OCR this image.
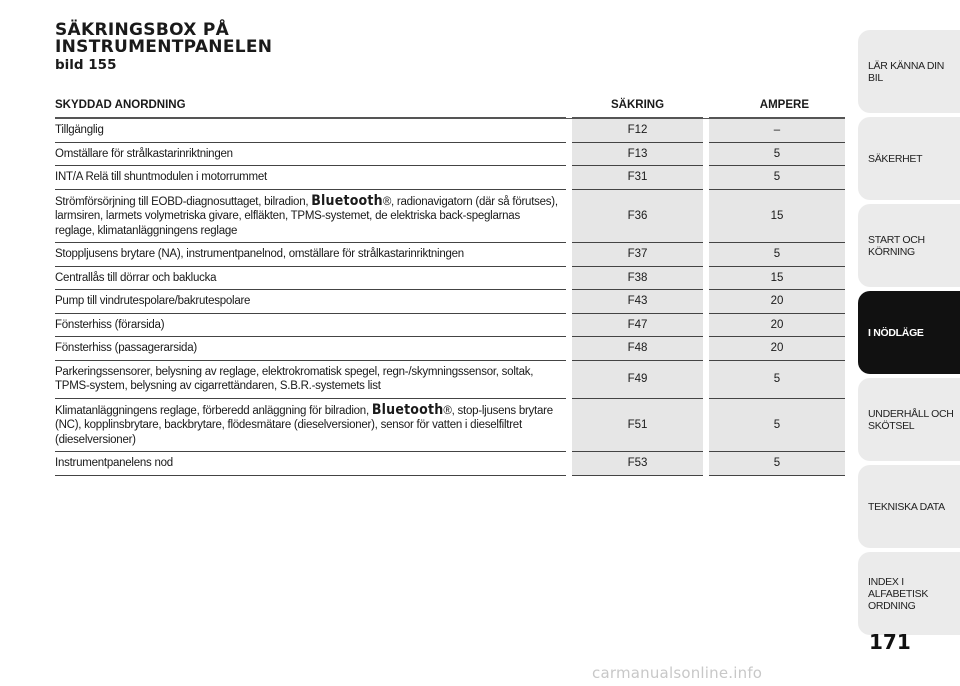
SÄKRINGSBOX PÅ
INSTRUMENTPANELEN
bild 155
SKYDDAD ANORDNING		SÄKRING		AMPERE
Tillgänglig		F12		–
Omställare för strålkastarinriktningen		F13		5
INT/A Relä till shuntmodulen i motorrummet		F31		5
Strömförsörjning till EOBD-diagnosuttaget, bilradion, Bluetooth®, radionavigatorn (där så förutses), larmsiren, larmets volymetriska givare, elfläkten, TPMS-systemet, de elektriska back-speglarnas reglage, klimatanläggningens reglage		F36		15
Stoppljusens brytare (NA), instrumentpanelnod, omställare för strålkastarinriktningen		F37		5
Centrallås till dörrar och baklucka		F38		15
Pump till vindrutespolare/bakrutespolare		F43		20
Fönsterhiss (förarsida)		F47		20
Fönsterhiss (passagerarsida)		F48		20
Parkeringssensorer, belysning av reglage, elektrokromatisk spegel, regn-/skymningssensor, soltak, TPMS-system, belysning av cigarrettändaren, S.B.R.-systemets list		F49		5
Klimatanläggningens reglage, förberedd anläggning för bilradion, Bluetooth®, stop-ljusens brytare (NC), kopplinsbrytare, backbrytare, flödesmätare (dieselversioner), sensor för vatten i dieselfiltret (dieselversioner)		F51		5
Instrumentpanelens nod		F53		5
LÄR KÄNNA DIN BIL
SÄKERHET
START OCH KÖRNING
I NÖDLÄGE
UNDERHÅLL OCH SKÖTSEL
TEKNISKA DATA
INDEX I ALFABETISK ORDNING
171
carmanualsonline.info
